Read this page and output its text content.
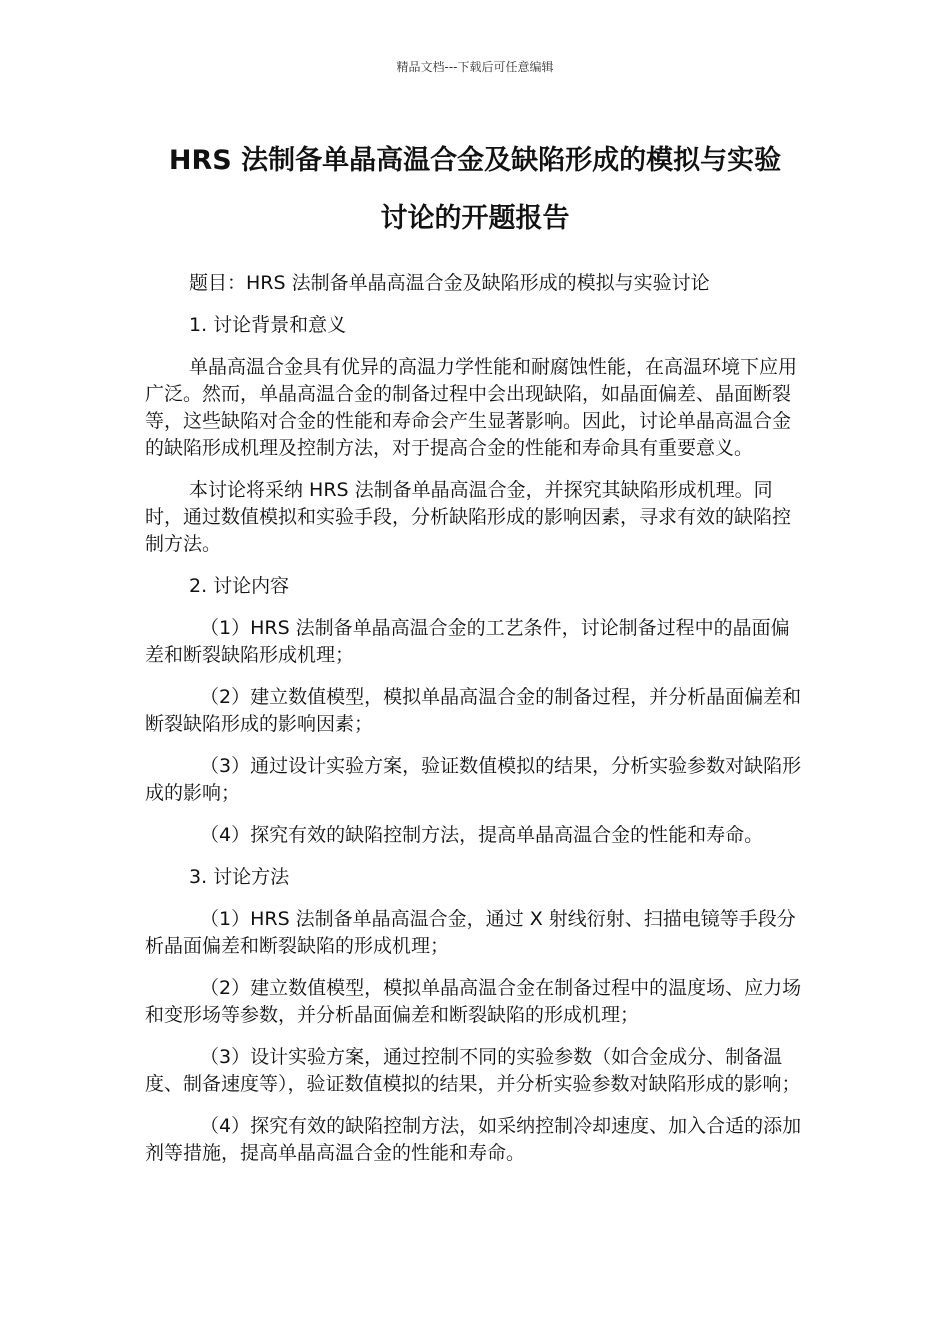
精品文档---下载后可任意编辑
HRS 法制备单晶高温合金及缺陷形成的模拟与实验
讨论的开题报告
题目：HRS 法制备单晶高温合金及缺陷形成的模拟与实验讨论
1. 讨论背景和意义
单晶高温合金具有优异的高温力学性能和耐腐蚀性能，在高温环境下应用广泛。然而，单晶高温合金的制备过程中会出现缺陷，如晶面偏差、晶面断裂等，这些缺陷对合金的性能和寿命会产生显著影响。因此，讨论单晶高温合金的缺陷形成机理及控制方法，对于提高合金的性能和寿命具有重要意义。
本讨论将采纳 HRS 法制备单晶高温合金，并探究其缺陷形成机理。同时，通过数值模拟和实验手段，分析缺陷形成的影响因素，寻求有效的缺陷控制方法。
2. 讨论内容
（1）HRS 法制备单晶高温合金的工艺条件，讨论制备过程中的晶面偏差和断裂缺陷形成机理；
（2）建立数值模型，模拟单晶高温合金的制备过程，并分析晶面偏差和断裂缺陷形成的影响因素；
（3）通过设计实验方案，验证数值模拟的结果，分析实验参数对缺陷形成的影响；
（4）探究有效的缺陷控制方法，提高单晶高温合金的性能和寿命。
3. 讨论方法
（1）HRS 法制备单晶高温合金，通过 X 射线衍射、扫描电镜等手段分析晶面偏差和断裂缺陷的形成机理；
（2）建立数值模型，模拟单晶高温合金在制备过程中的温度场、应力场和变形场等参数，并分析晶面偏差和断裂缺陷的形成机理；
（3）设计实验方案，通过控制不同的实验参数（如合金成分、制备温度、制备速度等），验证数值模拟的结果，并分析实验参数对缺陷形成的影响；
（4）探究有效的缺陷控制方法，如采纳控制冷却速度、加入合适的添加剂等措施，提高单晶高温合金的性能和寿命。
